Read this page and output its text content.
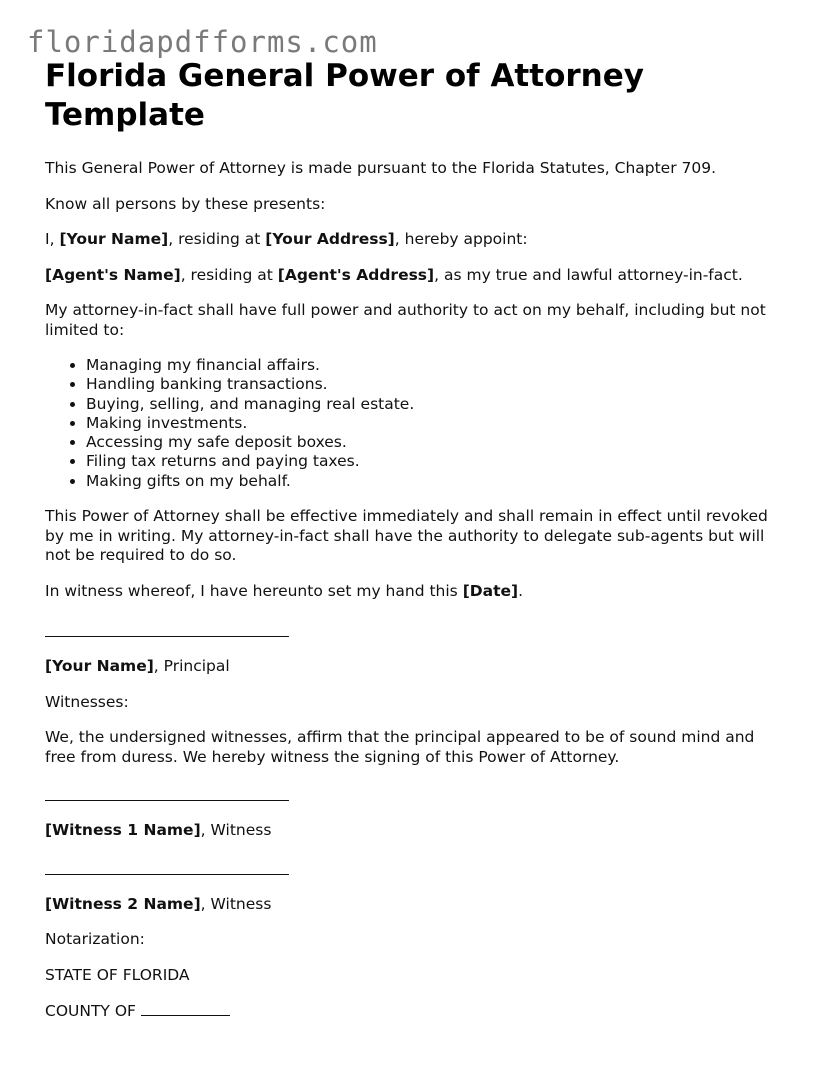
floridapdfforms.com
Florida General Power of Attorney Template

This General Power of Attorney is made pursuant to the Florida Statutes, Chapter 709.

Know all persons by these presents:

I, [Your Name], residing at [Your Address], hereby appoint:

[Agent's Name], residing at [Agent's Address], as my true and lawful attorney-in-fact.

My attorney-in-fact shall have full power and authority to act on my behalf, including but not limited to:

• Managing my financial affairs.
• Handling banking transactions.
• Buying, selling, and managing real estate.
• Making investments.
• Accessing my safe deposit boxes.
• Filing tax returns and paying taxes.
• Making gifts on my behalf.

This Power of Attorney shall be effective immediately and shall remain in effect until revoked by me in writing. My attorney-in-fact shall have the authority to delegate sub-agents but will not be required to do so.

In witness whereof, I have hereunto set my hand this [Date].

[Your Name], Principal

Witnesses:

We, the undersigned witnesses, affirm that the principal appeared to be of sound mind and free from duress. We hereby witness the signing of this Power of Attorney.

[Witness 1 Name], Witness

[Witness 2 Name], Witness

Notarization:

STATE OF FLORIDA

COUNTY OF
